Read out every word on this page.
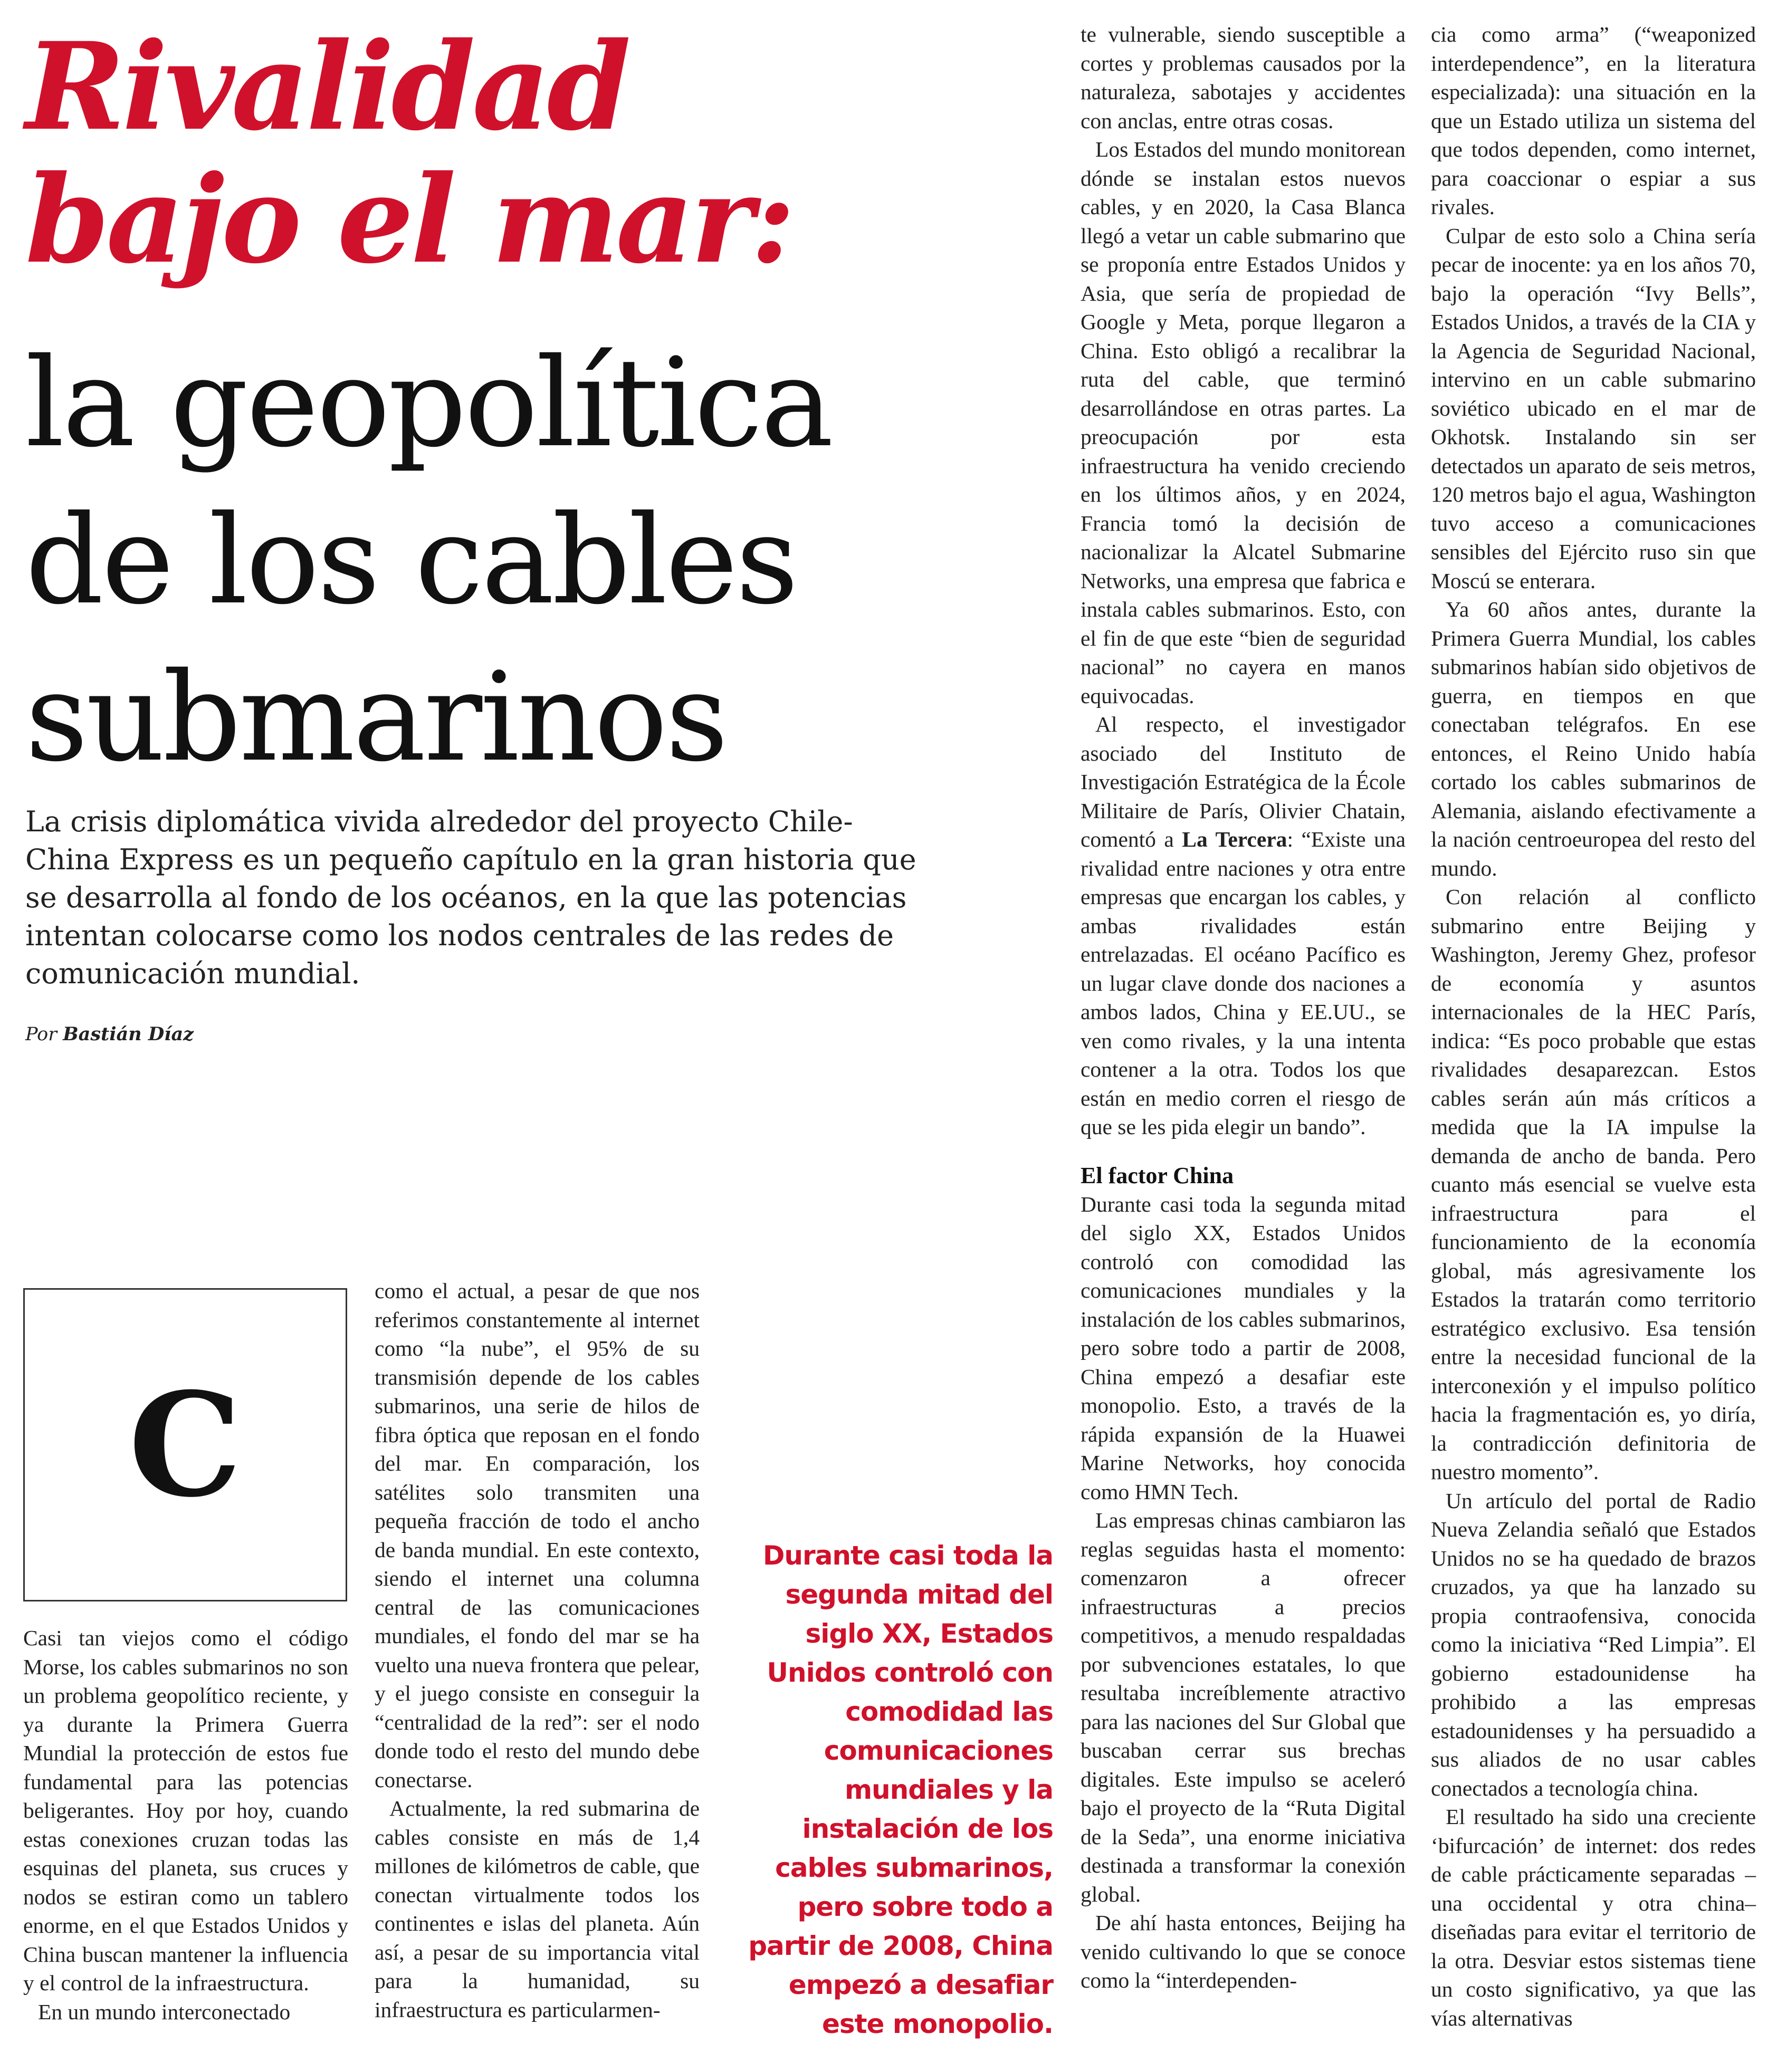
Rivalidad
bajo el mar:
la geopolítica
de los cables
submarinos
La crisis diplomática vivida alrededor del proyecto Chile-China Express es un pequeño capítulo en la gran historia que se desarrolla al fondo de los océanos, en la que las potencias intentan colocarse como los nodos centrales de las redes de comunicación mundial.
Por Bastián Díaz
C

Casi tan viejos como el código Morse, los cables submarinos no son un problema geopolítico reciente, y ya durante la Primera Guerra Mundial la protección de estos fue fundamental para las potencias beligerantes. Hoy por hoy, cuando estas conexiones cruzan todas las esquinas del planeta, sus cruces y nodos se estiran como un tablero enorme, en el que Estados Unidos y China buscan mantener la influencia y el control de la infraestructura.

En un mundo interconectado

como el actual, a pesar de que nos referimos constantemente al internet como “la nube”, el 95% de su transmisión depende de los cables submarinos, una serie de hilos de fibra óptica que reposan en el fondo del mar. En comparación, los satélites solo transmiten una pequeña fracción de todo el ancho de banda mundial. En este contexto, siendo el internet una columna central de las comunicaciones mundiales, el fondo del mar se ha vuelto una nueva frontera que pelear, y el juego consiste en conseguir la “centralidad de la red”: ser el nodo donde todo el resto del mundo debe conectarse.

Actualmente, la red submarina de cables consiste en más de 1,4 millones de kilómetros de cable, que conectan virtualmente todos los continentes e islas del planeta. Aún así, a pesar de su importancia vital para la humanidad, su infraestructura es particularmen-

Durante casi toda la segunda mitad del siglo XX, Estados Unidos controló con comodidad las comunicaciones mundiales y la instalación de los cables submarinos, pero sobre todo a partir de 2008, China empezó a desafiar este monopolio.

te vulnerable, siendo susceptible a cortes y problemas causados por la naturaleza, sabotajes y accidentes con anclas, entre otras cosas.

Los Estados del mundo monitorean dónde se instalan estos nuevos cables, y en 2020, la Casa Blanca llegó a vetar un cable submarino que se proponía entre Estados Unidos y Asia, que sería de propiedad de Google y Meta, porque llegaron a China. Esto obligó a recalibrar la ruta del cable, que terminó desarrollándose en otras partes. La preocupación por esta infraestructura ha venido creciendo en los últimos años, y en 2024, Francia tomó la decisión de nacionalizar la Alcatel Submarine Networks, una empresa que fabrica e instala cables submarinos. Esto, con el fin de que este “bien de seguridad nacional” no cayera en manos equivocadas.

Al respecto, el investigador asociado del Instituto de Investigación Estratégica de la École Militaire de París, Olivier Chatain, comentó a La Tercera: “Existe una rivalidad entre naciones y otra entre empresas que encargan los cables, y ambas rivalidades están entrelazadas. El océano Pacífico es un lugar clave donde dos naciones a ambos lados, China y EE.UU., se ven como rivales, y la una intenta contener a la otra. Todos los que están en medio corren el riesgo de que se les pida elegir un bando”.

El factor China

Durante casi toda la segunda mitad del siglo XX, Estados Unidos controló con comodidad las comunicaciones mundiales y la instalación de los cables submarinos, pero sobre todo a partir de 2008, China empezó a desafiar este monopolio. Esto, a través de la rápida expansión de la Huawei Marine Networks, hoy conocida como HMN Tech.

Las empresas chinas cambiaron las reglas seguidas hasta el momento: comenzaron a ofrecer infraestructuras a precios competitivos, a menudo respaldadas por subvenciones estatales, lo que resultaba increíblemente atractivo para las naciones del Sur Global que buscaban cerrar sus brechas digitales. Este impulso se aceleró bajo el proyecto de la “Ruta Digital de la Seda”, una enorme iniciativa destinada a transformar la conexión global.

De ahí hasta entonces, Beijing ha venido cultivando lo que se conoce como la “interdependen-

cia como arma” (“weaponized interdependence”, en la literatura especializada): una situación en la que un Estado utiliza un sistema del que todos dependen, como internet, para coaccionar o espiar a sus rivales.

Culpar de esto solo a China sería pecar de inocente: ya en los años 70, bajo la operación “Ivy Bells”, Estados Unidos, a través de la CIA y la Agencia de Seguridad Nacional, intervino en un cable submarino soviético ubicado en el mar de Okhotsk. Instalando sin ser detectados un aparato de seis metros, 120 metros bajo el agua, Washington tuvo acceso a comunicaciones sensibles del Ejército ruso sin que Moscú se enterara.

Ya 60 años antes, durante la Primera Guerra Mundial, los cables submarinos habían sido objetivos de guerra, en tiempos en que conectaban telégrafos. En ese entonces, el Reino Unido había cortado los cables submarinos de Alemania, aislando efectivamente a la nación centroeuropea del resto del mundo.

Con relación al conflicto submarino entre Beijing y Washington, Jeremy Ghez, profesor de economía y asuntos internacionales de la HEC París, indica: “Es poco probable que estas rivalidades desaparezcan. Estos cables serán aún más críticos a medida que la IA impulse la demanda de ancho de banda. Pero cuanto más esencial se vuelve esta infraestructura para el funcionamiento de la economía global, más agresivamente los Estados la tratarán como territorio estratégico exclusivo. Esa tensión entre la necesidad funcional de la interconexión y el impulso político hacia la fragmentación es, yo diría, la contradicción definitoria de nuestro momento”.

Un artículo del portal de Radio Nueva Zelandia señaló que Estados Unidos no se ha quedado de brazos cruzados, ya que ha lanzado su propia contraofensiva, conocida como la iniciativa “Red Limpia”. El gobierno estadounidense ha prohibido a las empresas estadounidenses y ha persuadido a sus aliados de no usar cables conectados a tecnología china.

El resultado ha sido una creciente ‘bifurcación’ de internet: dos redes de cable prácticamente separadas –una occidental y otra china– diseñadas para evitar el territorio de la otra. Desviar estos sistemas tiene un costo significativo, ya que las vías alternativas
